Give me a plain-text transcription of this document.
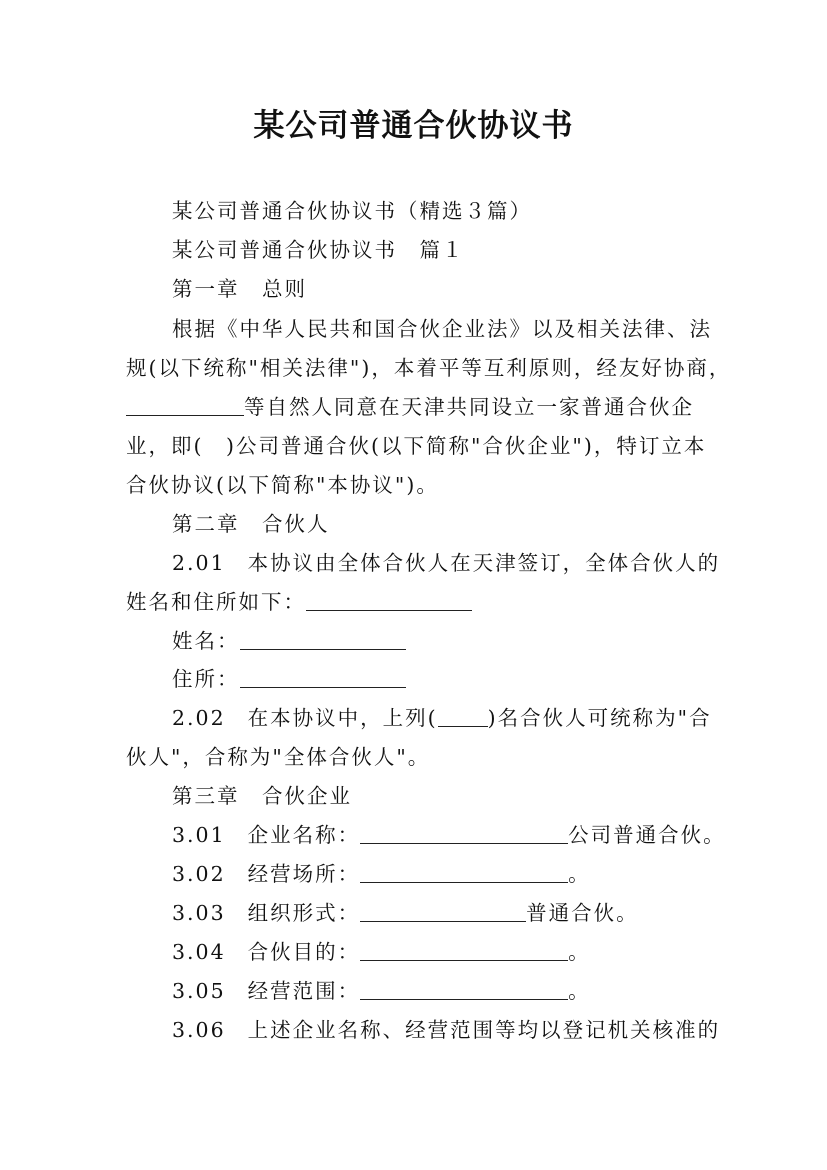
某公司普通合伙协议书
某公司普通合伙协议书（精选３篇）
某公司普通合伙协议书　篇１
第一章　总则
根据《中华人民共和国合伙企业法》以及相关法律、法
规(以下统称"相关法律")，本着平等互利原则，经友好协商，
等自然人同意在天津共同设立一家普通合伙企
业，即(　)公司普通合伙(以下简称"合伙企业")，特订立本
合伙协议(以下简称"本协议")。
第二章　合伙人
2.01 本协议由全体合伙人在天津签订，全体合伙人的
姓名和住所如下：
姓名：
住所：
2.02 在本协议中，上列( )名合伙人可统称为"合
伙人"，合称为"全体合伙人"。
第三章　合伙企业
3.01 企业名称：	公司普通合伙。
3.02 经营场所：	。
3.03 组织形式：	普通合伙。
3.04 合伙目的：	。
3.05 经营范围：	。
3.06 上述企业名称、经营范围等均以登记机关核准的
